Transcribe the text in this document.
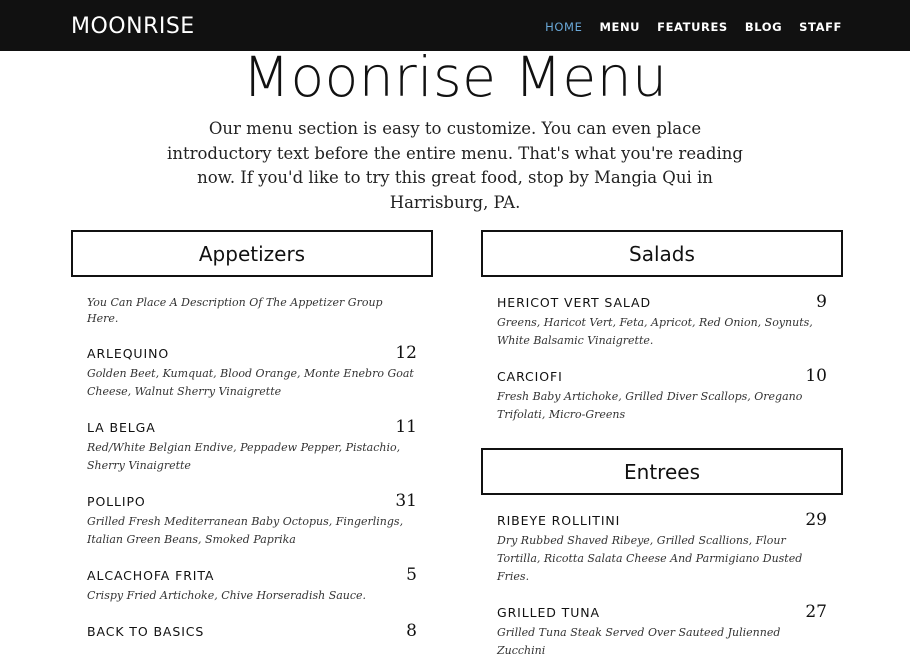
MOONRISE	HOME MENU FEATURES BLOG STAFF
Moonrise Menu

Our menu section is easy to customize. You can even place introductory text before the entire menu. That's what you're reading now. If you'd like to try this great food, stop by Mangia Qui in Harrisburg, PA.

Appetizers
You Can Place A Description Of The Appetizer Group Here.
ARLEQUINO	12
Golden Beet, Kumquat, Blood Orange, Monte Enebro Goat Cheese, Walnut Sherry Vinaigrette
LA BELGA	11
Red/White Belgian Endive, Peppadew Pepper, Pistachio, Sherry Vinaigrette
POLLIPO	31
Grilled Fresh Mediterranean Baby Octopus, Fingerlings, Italian Green Beans, Smoked Paprika
ALCACHOFA FRITA	5
Crispy Fried Artichoke, Chive Horseradish Sauce.
BACK TO BASICS	8
Salads
HERICOT VERT SALAD	9
Greens, Haricot Vert, Feta, Apricot, Red Onion, Soynuts, White Balsamic Vinaigrette.
CARCIOFI	10
Fresh Baby Artichoke, Grilled Diver Scallops, Oregano Trifolati, Micro-Greens
Entrees
RIBEYE ROLLITINI	29
Dry Rubbed Shaved Ribeye, Grilled Scallions, Flour Tortilla, Ricotta Salata Cheese And Parmigiano Dusted Fries.
GRILLED TUNA	27
Grilled Tuna Steak Served Over Sauteed Julienned Zucchini
